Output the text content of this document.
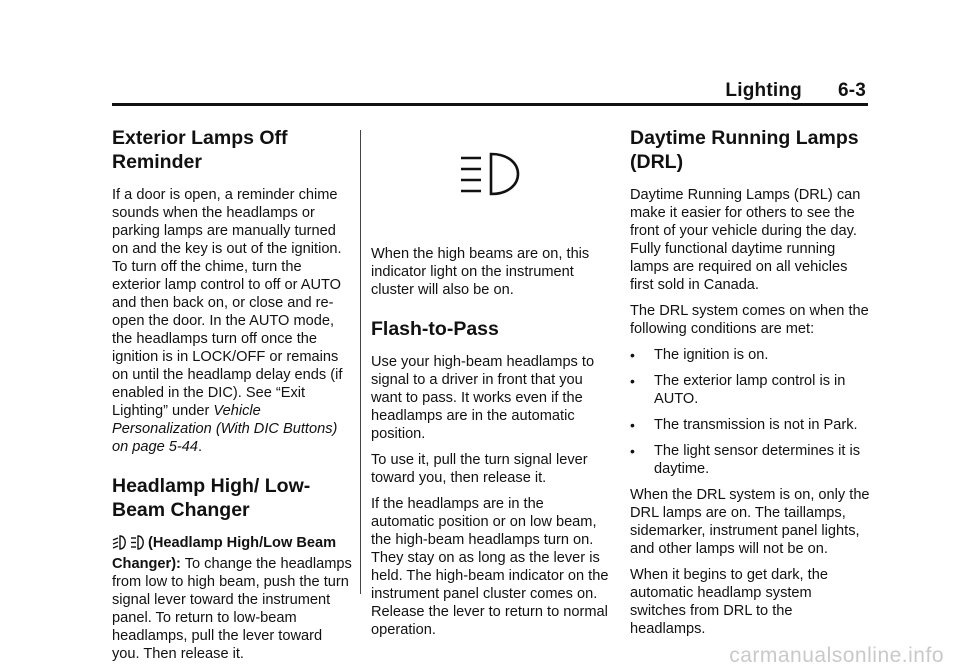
Lighting 6-3
Exterior Lamps Off Reminder

If a door is open, a reminder chime sounds when the headlamps or parking lamps are manually turned on and the key is out of the ignition. To turn off the chime, turn the exterior lamp control to off or AUTO and then back on, or close and re-open the door. In the AUTO mode, the headlamps turn off once the ignition is in LOCK/OFF or remains on until the headlamp delay ends (if enabled in the DIC). See “Exit Lighting” under Vehicle Personalization (With DIC Buttons) on page 5-44.

Headlamp High/ Low-Beam Changer

(Headlamp High/Low Beam Changer): To change the headlamps from low to high beam, push the turn signal lever toward the instrument panel. To return to low-beam headlamps, pull the lever toward you. Then release it.

When the high beams are on, this indicator light on the instrument cluster will also be on.

Flash-to-Pass

Use your high-beam headlamps to signal to a driver in front that you want to pass. It works even if the headlamps are in the automatic position.

To use it, pull the turn signal lever toward you, then release it.

If the headlamps are in the automatic position or on low beam, the high-beam headlamps turn on. They stay on as long as the lever is held. The high-beam indicator on the instrument panel cluster comes on. Release the lever to return to normal operation.

Daytime Running Lamps (DRL)

Daytime Running Lamps (DRL) can make it easier for others to see the front of your vehicle during the day. Fully functional daytime running lamps are required on all vehicles first sold in Canada.

The DRL system comes on when the following conditions are met:

• The ignition is on.
• The exterior lamp control is in AUTO.
• The transmission is not in Park.
• The light sensor determines it is daytime.

When the DRL system is on, only the DRL lamps are on. The taillamps, sidemarker, instrument panel lights, and other lamps will not be on.

When it begins to get dark, the automatic headlamp system switches from DRL to the headlamps.

carmanualsonline.info
